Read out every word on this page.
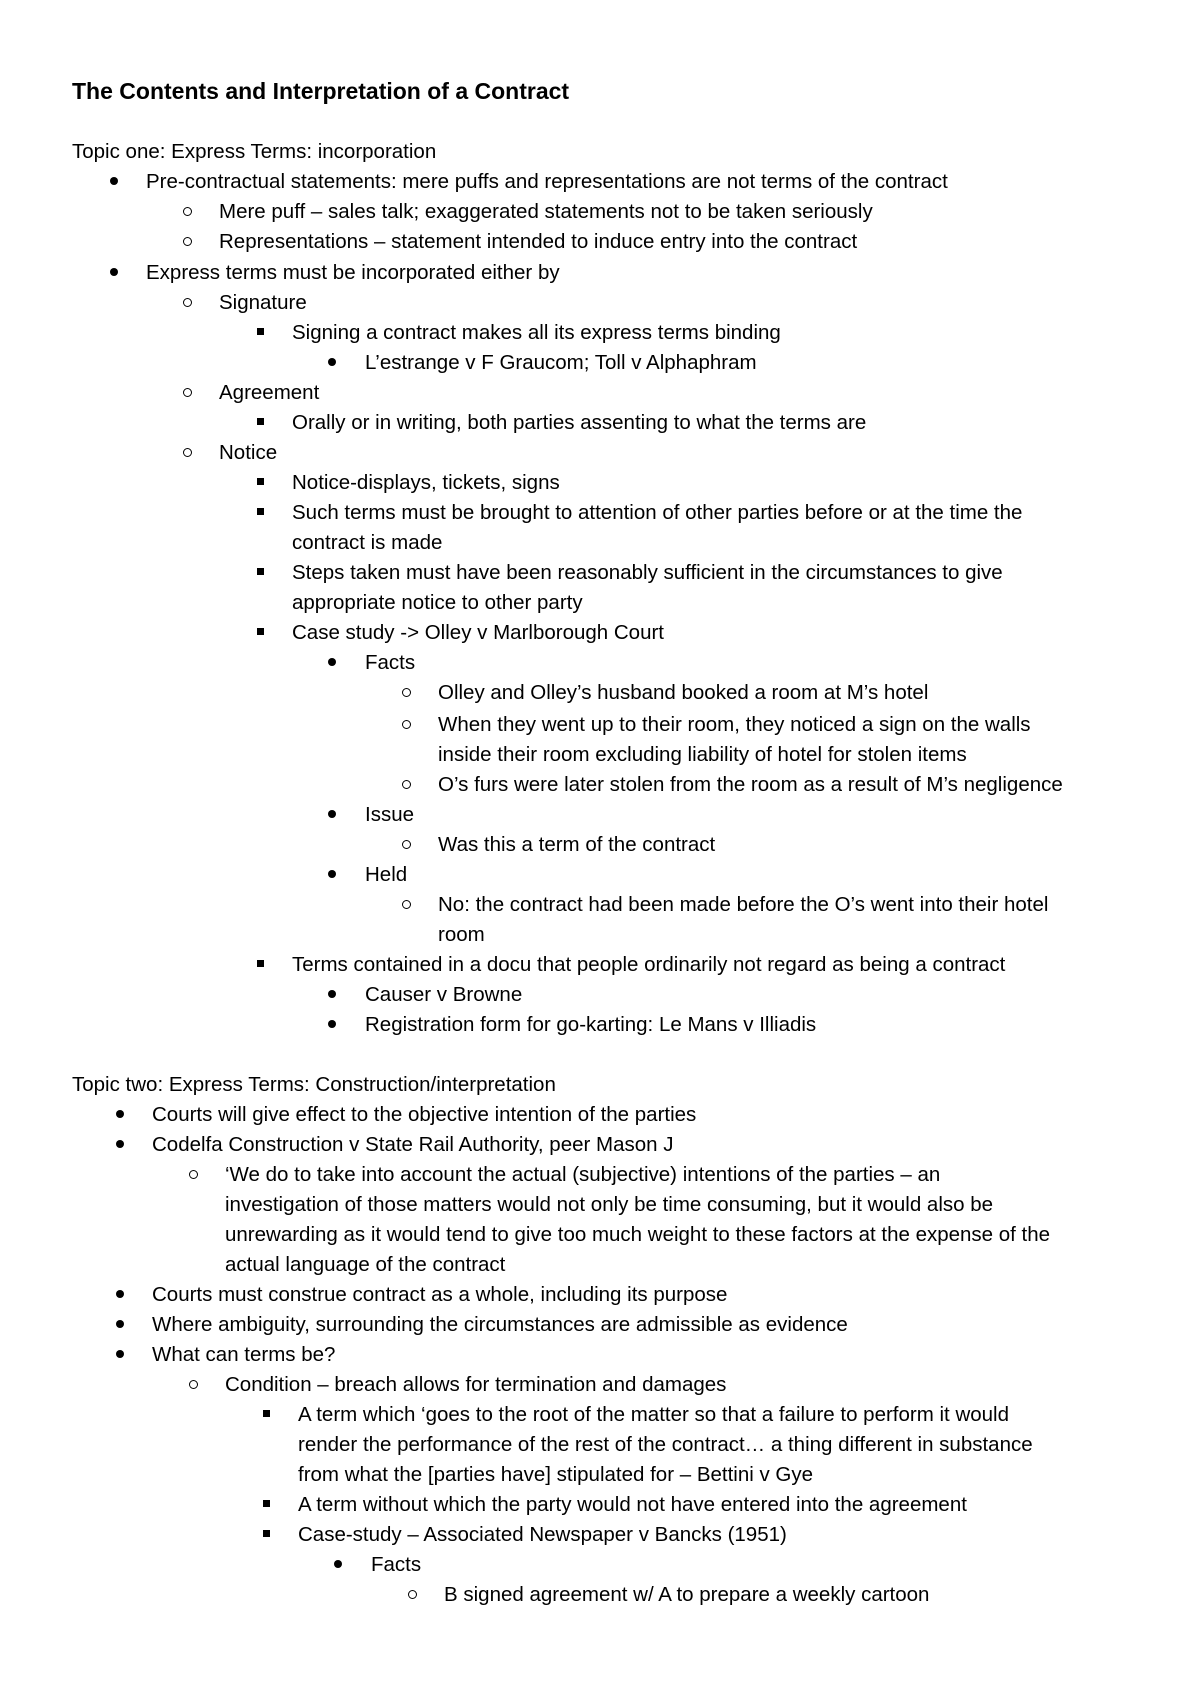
The Contents and Interpretation of a Contract
Topic one: Express Terms: incorporation
Pre-contractual statements: mere puffs and representations are not terms of the contract
Mere puff – sales talk; exaggerated statements not to be taken seriously
Representations – statement intended to induce entry into the contract
Express terms must be incorporated either by
Signature
Signing a contract makes all its express terms binding
L’estrange v F Graucom; Toll v Alphaphram
Agreement
Orally or in writing, both parties assenting to what the terms are
Notice
Notice-displays, tickets, signs
Such terms must be brought to attention of other parties before or at the time the
contract is made
Steps taken must have been reasonably sufficient in the circumstances to give
appropriate notice to other party
Case study -> Olley v Marlborough Court
Facts
Olley and Olley’s husband booked a room at M’s hotel
When they went up to their room, they noticed a sign on the walls
inside their room excluding liability of hotel for stolen items
O’s furs were later stolen from the room as a result of M’s negligence
Issue
Was this a term of the contract
Held
No: the contract had been made before the O’s went into their hotel
room
Terms contained in a docu that people ordinarily not regard as being a contract
Causer v Browne
Registration form for go-karting: Le Mans v Illiadis
Topic two: Express Terms: Construction/interpretation
Courts will give effect to the objective intention of the parties
Codelfa Construction v State Rail Authority, peer Mason J
‘We do to take into account the actual (subjective) intentions of the parties – an
investigation of those matters would not only be time consuming, but it would also be
unrewarding as it would tend to give too much weight to these factors at the expense of the
actual language of the contract
Courts must construe contract as a whole, including its purpose
Where ambiguity, surrounding the circumstances are admissible as evidence
What can terms be?
Condition – breach allows for termination and damages
A term which ‘goes to the root of the matter so that a failure to perform it would
render the performance of the rest of the contract… a thing different in substance
from what the [parties have] stipulated for – Bettini v Gye
A term without which the party would not have entered into the agreement
Case-study – Associated Newspaper v Bancks (1951)
Facts
B signed agreement w/ A to prepare a weekly cartoon
